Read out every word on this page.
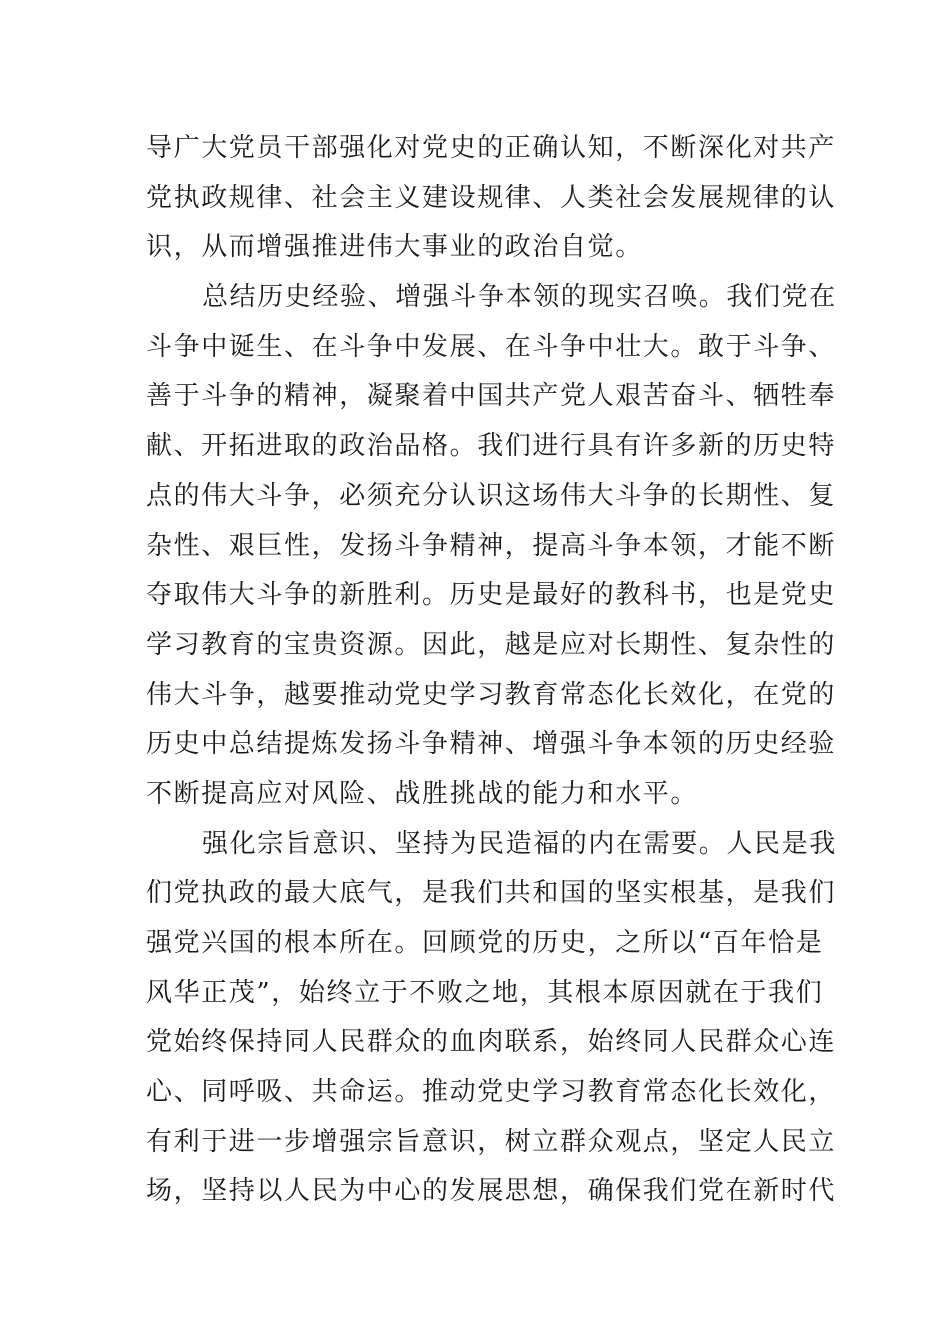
导广大党员干部强化对党史的正确认知，不断深化对共产
党执政规律、社会主义建设规律、人类社会发展规律的认
识，从而增强推进伟大事业的政治自觉。
总结历史经验、增强斗争本领的现实召唤。我们党在
斗争中诞生、在斗争中发展、在斗争中壮大。敢于斗争、
善于斗争的精神，凝聚着中国共产党人艰苦奋斗、牺牲奉
献、开拓进取的政治品格。我们进行具有许多新的历史特
点的伟大斗争，必须充分认识这场伟大斗争的长期性、复
杂性、艰巨性，发扬斗争精神，提高斗争本领，才能不断
夺取伟大斗争的新胜利。历史是最好的教科书，也是党史
学习教育的宝贵资源。因此，越是应对长期性、复杂性的
伟大斗争，越要推动党史学习教育常态化长效化，在党的
历史中总结提炼发扬斗争精神、增强斗争本领的历史经验
不断提高应对风险、战胜挑战的能力和水平。
强化宗旨意识、坚持为民造福的内在需要。人民是我
们党执政的最大底气，是我们共和国的坚实根基，是我们
强党兴国的根本所在。回顾党的历史，之所以“百年恰是
风华正茂”，始终立于不败之地，其根本原因就在于我们
党始终保持同人民群众的血肉联系，始终同人民群众心连
心、同呼吸、共命运。推动党史学习教育常态化长效化，
有利于进一步增强宗旨意识，树立群众观点，坚定人民立
场，坚持以人民为中心的发展思想，确保我们党在新时代
